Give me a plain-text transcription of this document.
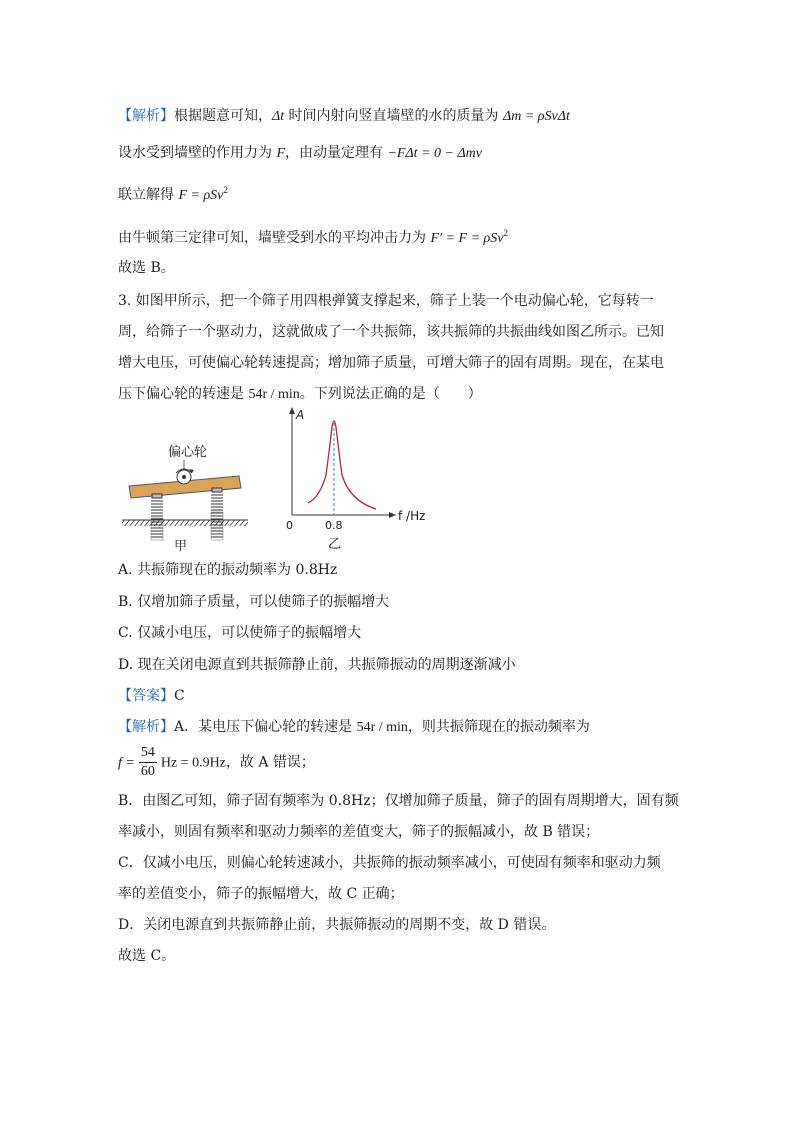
【解析】根据题意可知，Δt 时间内射向竖直墙壁的水的质量为 Δm = ρSvΔt
设水受到墙壁的作用力为 F，由动量定理有 −FΔt = 0 − Δmv
联立解得 F = ρSv$^2$
由牛顿第三定律可知，墙壁受到水的平均冲击力为 F′ = F = ρSv$^2$
故选 B。
3. 如图甲所示，把一个筛子用四根弹簧支撑起来，筛子上装一个电动偏心轮，它每转一
周，给筛子一个驱动力，这就做成了一个共振筛，该共振筛的共振曲线如图乙所示。已知
增大电压，可使偏心轮转速提高；增加筛子质量，可增大筛子的固有周期。现在，在某电
压下偏心轮的转速是 54r / min。下列说法正确的是（　　）
偏心轮
甲
A
f /Hz
0	0.8
乙
A. 共振筛现在的振动频率为 0.8Hz
B. 仅增加筛子质量，可以使筛子的振幅增大
C. 仅减小电压，可以使筛子的振幅增大
D. 现在关闭电源直到共振筛静止前，共振筛振动的周期逐渐减小
【答案】C
【解析】A．某电压下偏心轮的转速是 54r / min，则共振筛现在的振动频率为
$f = \frac{54}{60}$ Hz = 0.9Hz，故 A 错误；
B．由图乙可知，筛子固有频率为 0.8Hz；仅增加筛子质量，筛子的固有周期增大，固有频
率减小，则固有频率和驱动力频率的差值变大，筛子的振幅减小，故 B 错误；
C．仅减小电压，则偏心轮转速减小，共振筛的振动频率减小，可使固有频率和驱动力频
率的差值变小，筛子的振幅增大，故 C 正确；
D．关闭电源直到共振筛静止前，共振筛振动的周期不变，故 D 错误。
故选 C。
